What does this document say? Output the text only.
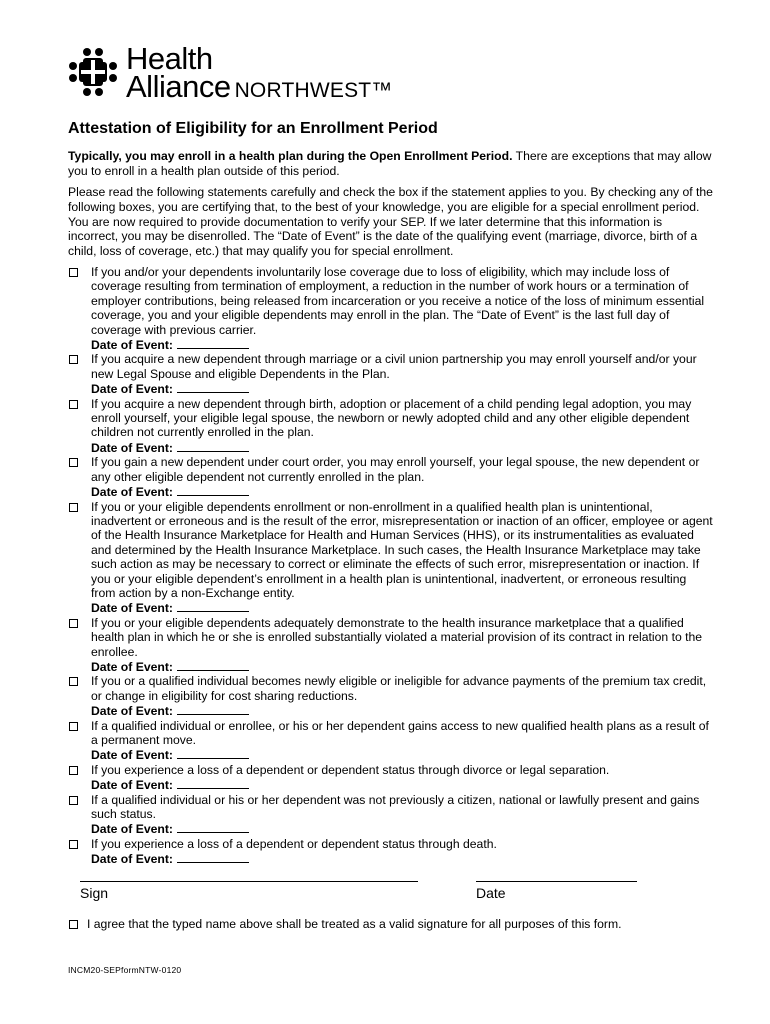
Health
Alliance NORTHWEST™
Attestation of Eligibility for an Enrollment Period
Typically, you may enroll in a health plan during the Open Enrollment Period. There are exceptions that may allow you to enroll in a health plan outside of this period.
Please read the following statements carefully and check the box if the statement applies to you. By checking any of the following boxes, you are certifying that, to the best of your knowledge, you are eligible for a special enrollment period. You are now required to provide documentation to verify your SEP. If we later determine that this information is incorrect, you may be disenrolled. The “Date of Event” is the date of the qualifying event (marriage, divorce, birth of a child, loss of coverage, etc.) that may qualify you for special enrollment.
If you and/or your dependents involuntarily lose coverage due to loss of eligibility, which may include loss of coverage resulting from termination of employment, a reduction in the number of work hours or a termination of employer contributions, being released from incarceration or you receive a notice of the loss of minimum essential coverage, you and your eligible dependents may enroll in the plan. The “Date of Event” is the last full day of coverage with previous carrier.
Date of Event:
If you acquire a new dependent through marriage or a civil union partnership you may enroll yourself and/or your new Legal Spouse and eligible Dependents in the Plan.
Date of Event:
If you acquire a new dependent through birth, adoption or placement of a child pending legal adoption, you may enroll yourself, your eligible legal spouse, the newborn or newly adopted child and any other eligible dependent children not currently enrolled in the plan.
Date of Event:
If you gain a new dependent under court order, you may enroll yourself, your legal spouse, the new dependent or any other eligible dependent not currently enrolled in the plan.
Date of Event:
If you or your eligible dependents enrollment or non-enrollment in a qualified health plan is unintentional, inadvertent or erroneous and is the result of the error, misrepresentation or inaction of an officer, employee or agent of the Health Insurance Marketplace for Health and Human Services (HHS), or its instrumentalities as evaluated and determined by the Health Insurance Marketplace. In such cases, the Health Insurance Marketplace may take such action as may be necessary to correct or eliminate the effects of such error, misrepresentation or inaction. If you or your eligible dependent’s enrollment in a health plan is unintentional, inadvertent, or erroneous resulting from action by a non-Exchange entity.
Date of Event:
If you or your eligible dependents adequately demonstrate to the health insurance marketplace that a qualified health plan in which he or she is enrolled substantially violated a material provision of its contract in relation to the enrollee.
Date of Event:
If you or a qualified individual becomes newly eligible or ineligible for advance payments of the premium tax credit, or change in eligibility for cost sharing reductions.
Date of Event:
If a qualified individual or enrollee, or his or her dependent gains access to new qualified health plans as a result of a permanent move.
Date of Event:
If you experience a loss of a dependent or dependent status through divorce or legal separation.
Date of Event:
If a qualified individual or his or her dependent was not previously a citizen, national or lawfully present and gains such status.
Date of Event:
If you experience a loss of a dependent or dependent status through death.
Date of Event:
Sign	Date
I agree that the typed name above shall be treated as a valid signature for all purposes of this form.
INCM20-SEPformNTW-0120
